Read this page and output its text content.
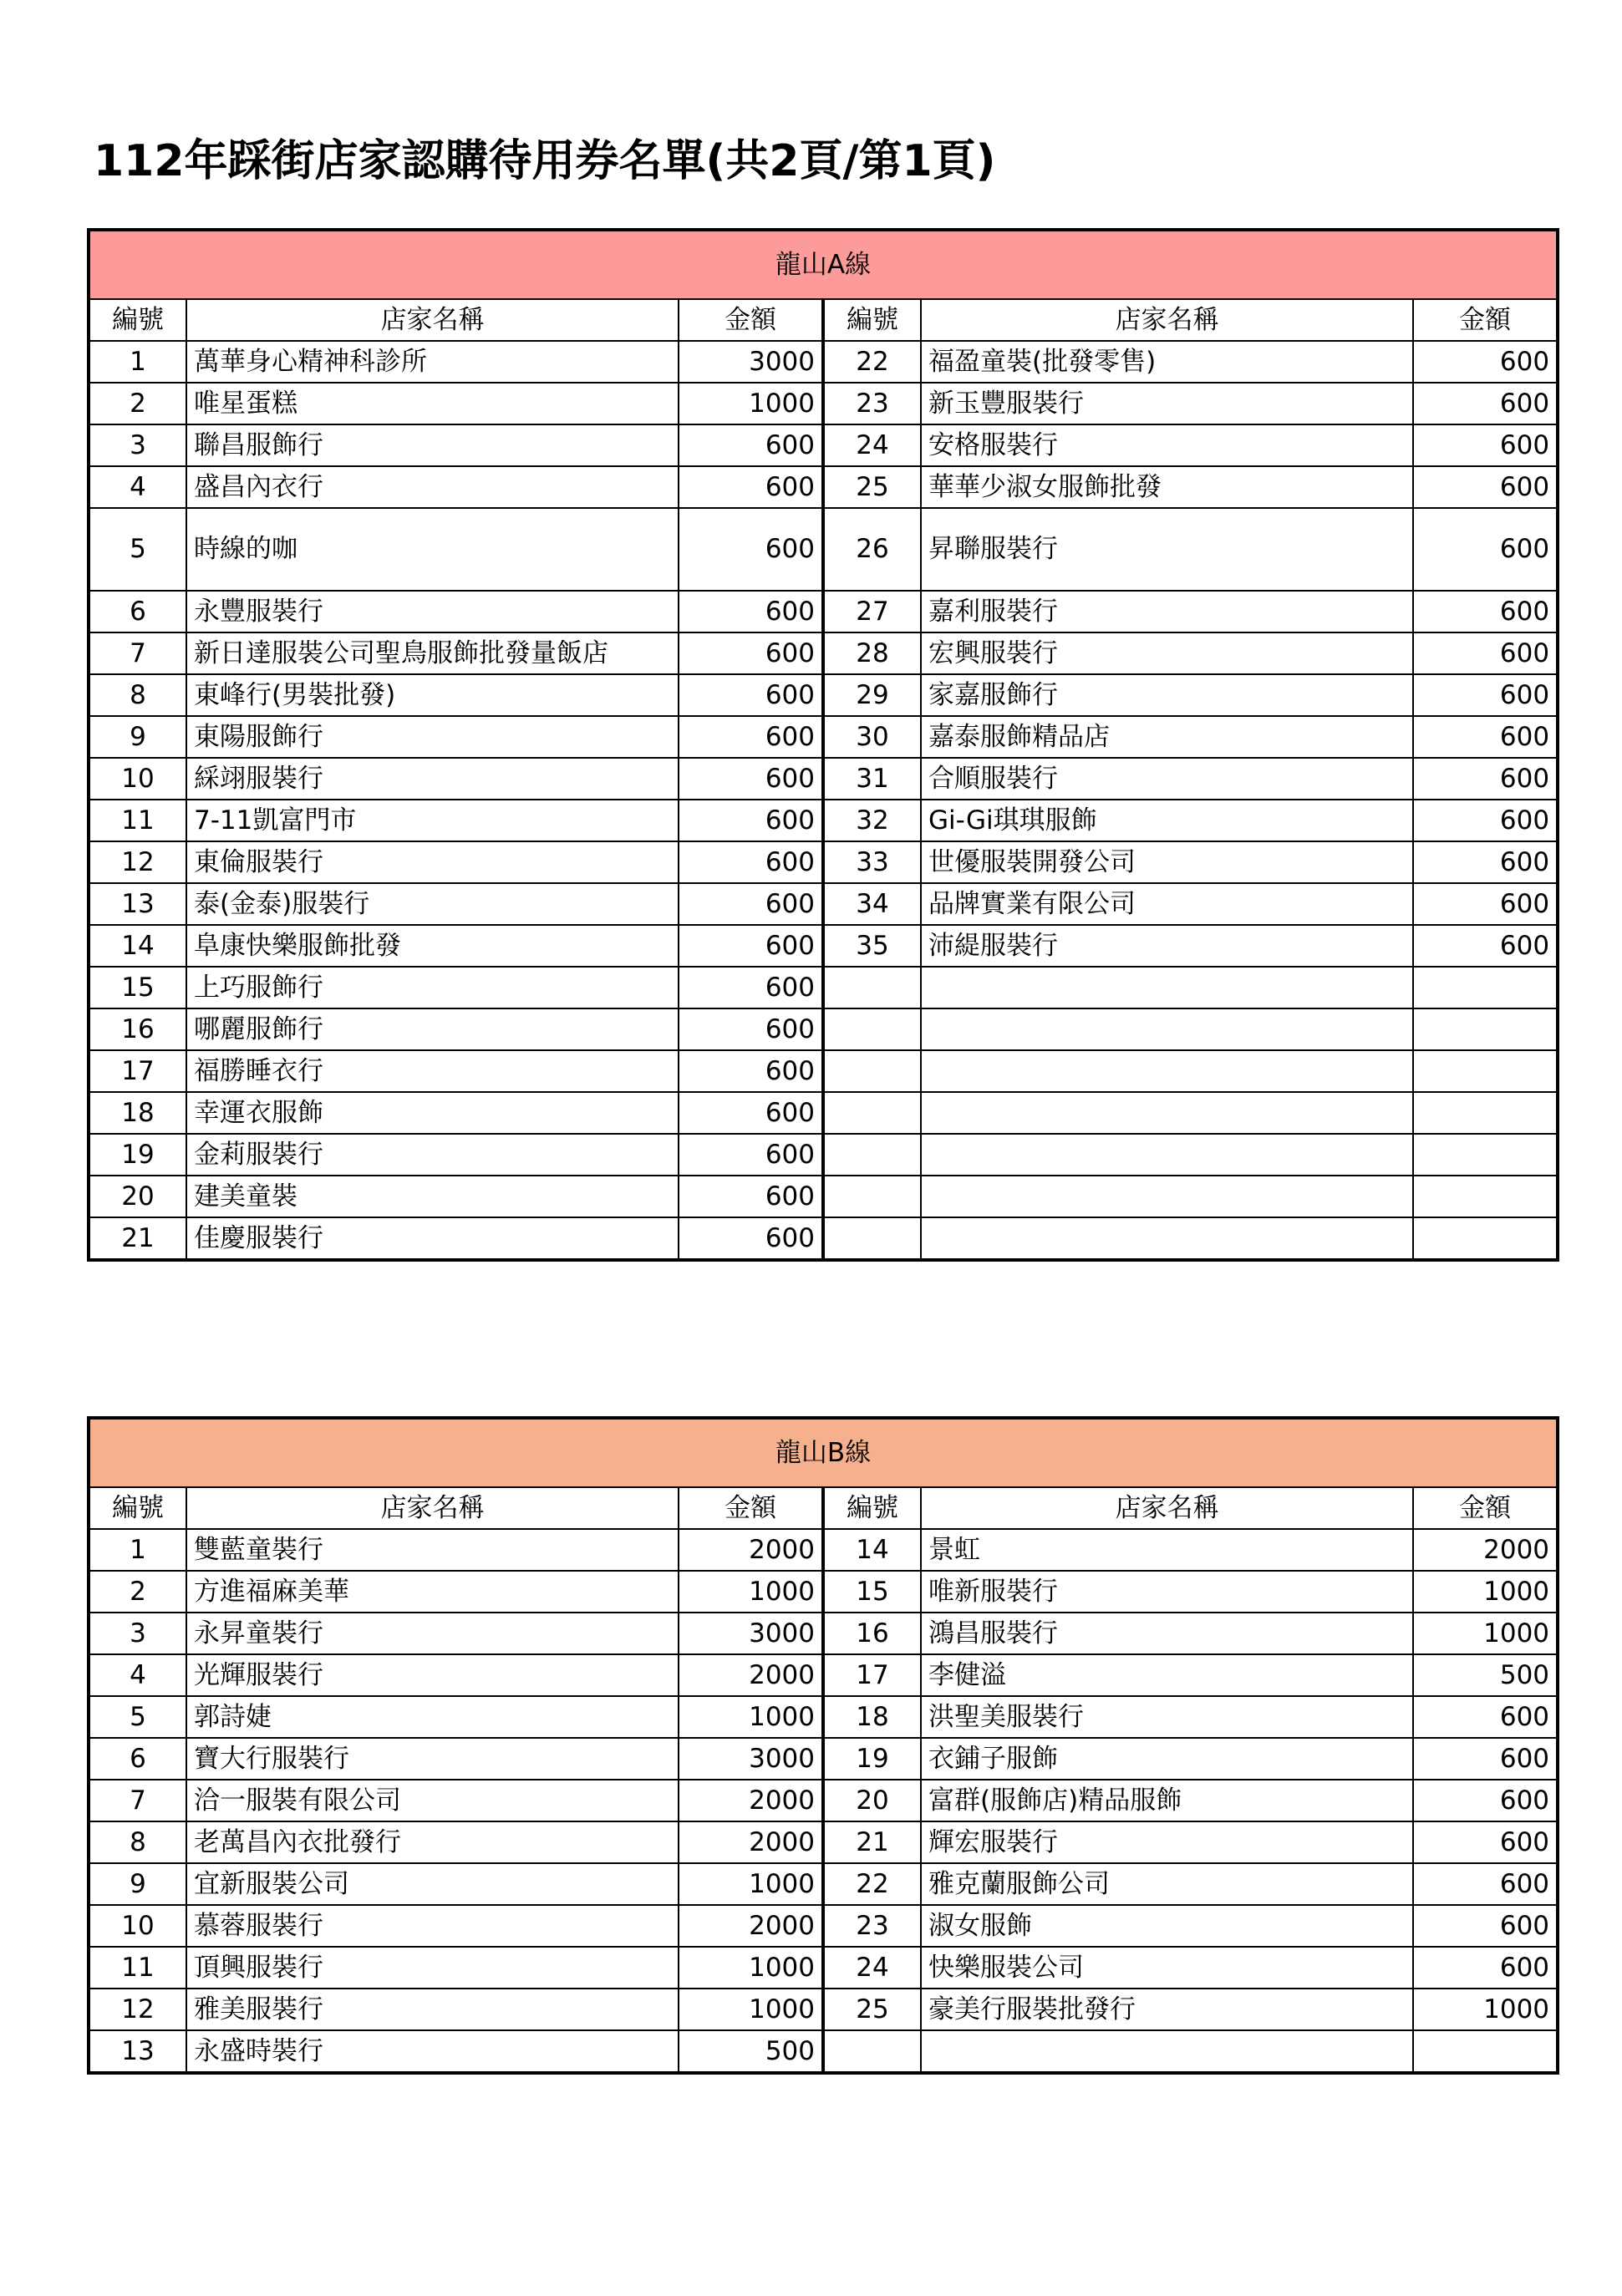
112年踩街店家認購待用券名單(共2頁/第1頁)
龍山A線					
編號	店家名稱	金額	編號	店家名稱	金額
1	萬華身心精神科診所	3000	22	福盈童裝(批發零售)	600
2	唯星蛋糕	1000	23	新玉豐服裝行	600
3	聯昌服飾行	600	24	安格服裝行	600
4	盛昌內衣行	600	25	華華少淑女服飾批發	600
5	時線的咖	600	26	昇聯服裝行	600
6	永豐服裝行	600	27	嘉利服裝行	600
7	新日達服裝公司聖鳥服飾批發量飯店	600	28	宏興服裝行	600
8	東峰行(男裝批發)	600	29	家嘉服飾行	600
9	東陽服飾行	600	30	嘉泰服飾精品店	600
10	綵翊服裝行	600	31	合順服裝行	600
11	7-11凱富門市	600	32	Gi-Gi琪琪服飾	600
12	東倫服裝行	600	33	世優服裝開發公司	600
13	泰(金泰)服裝行	600	34	品牌實業有限公司	600
14	阜康快樂服飾批發	600	35	沛緹服裝行	600
15	上巧服飾行	600			
16	哪麗服飾行	600			
17	福勝睡衣行	600			
18	幸運衣服飾	600			
19	金莉服裝行	600			
20	建美童裝	600			
21	佳慶服裝行	600			
龍山B線					
編號	店家名稱	金額	編號	店家名稱	金額
1	雙藍童裝行	2000	14	景虹	2000
2	方進福麻美華	1000	15	唯新服裝行	1000
3	永昇童裝行	3000	16	鴻昌服裝行	1000
4	光輝服裝行	2000	17	李健溢	500
5	郭詩婕	1000	18	洪聖美服裝行	600
6	寶大行服裝行	3000	19	衣鋪子服飾	600
7	洽一服裝有限公司	2000	20	富群(服飾店)精品服飾	600
8	老萬昌內衣批發行	2000	21	輝宏服裝行	600
9	宜新服裝公司	1000	22	雅克蘭服飾公司	600
10	慕蓉服裝行	2000	23	淑女服飾	600
11	頂興服裝行	1000	24	快樂服裝公司	600
12	雅美服裝行	1000	25	豪美行服裝批發行	1000
13	永盛時裝行	500			
